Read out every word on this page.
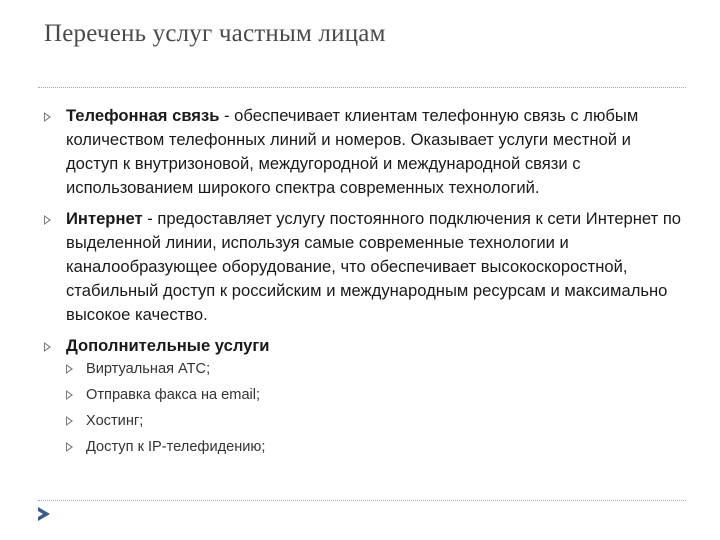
Перечень услуг частным лицам
Телефонная связь - обеспечивает клиентам телефонную связь с любым количеством телефонных линий и номеров. Оказывает услуги местной и доступ к внутризоновой, междугородной и международной связи с использованием широкого спектра современных технологий.
Интернет - предоставляет услугу постоянного подключения к сети Интернет по выделенной линии, используя самые современные технологии и каналообразующее оборудование, что обеспечивает высокоскоростной, стабильный доступ к российским и международным ресурсам и максимально высокое качество.
Дополнительные услуги
Виртуальная АТС;
Отправка факса на email;
Хостинг;
Доступ к IP-телефидению;
